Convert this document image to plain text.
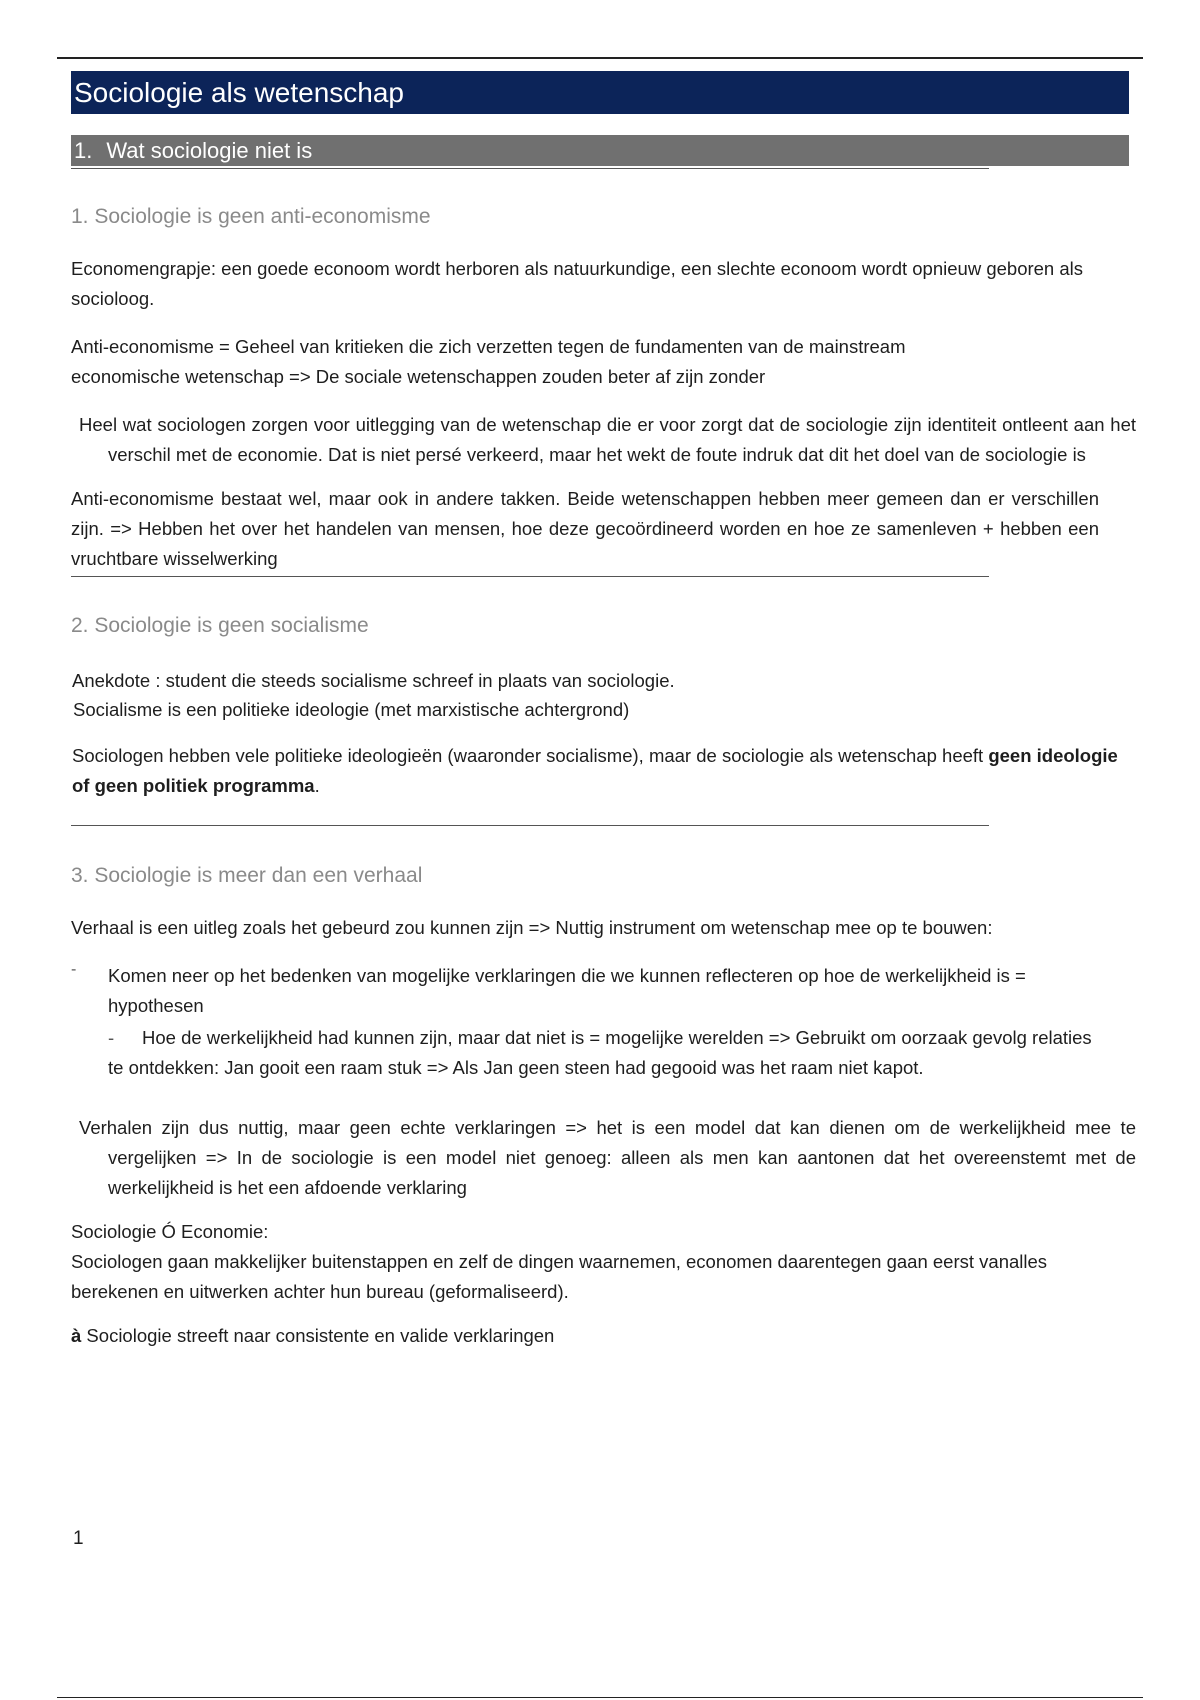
Sociologie als wetenschap
1. Wat sociologie niet is
1. Sociologie is geen anti-economisme

Economengrapje: een goede econoom wordt herboren als natuurkundige, een slechte econoom wordt opnieuw geboren als socioloog.

Anti-economisme = Geheel van kritieken die zich verzetten tegen de fundamenten van de mainstream economische wetenschap => De sociale wetenschappen zouden beter af zijn zonder

Heel wat sociologen zorgen voor uitlegging van de wetenschap die er voor zorgt dat de sociologie zijn identiteit ontleent aan het verschil met de economie. Dat is niet persé verkeerd, maar het wekt de foute indruk dat dit het doel van de sociologie is

Anti-economisme bestaat wel, maar ook in andere takken. Beide wetenschappen hebben meer gemeen dan er verschillen zijn. => Hebben het over het handelen van mensen, hoe deze gecoördineerd worden en hoe ze samenleven + hebben een vruchtbare wisselwerking

2. Sociologie is geen socialisme

Anekdote : student die steeds socialisme schreef in plaats van sociologie.

Socialisme is een politieke ideologie (met marxistische achtergrond)

Sociologen hebben vele politieke ideologieën (waaronder socialisme), maar de sociologie als wetenschap heeft geen ideologie of geen politiek programma.

3. Sociologie is meer dan een verhaal

Verhaal is een uitleg zoals het gebeurd zou kunnen zijn => Nuttig instrument om wetenschap mee op te bouwen:

-	Komen neer op het bedenken van mogelijke verklaringen die we kunnen reflecteren op hoe de werkelijkheid is = hypothesen

- Hoe de werkelijkheid had kunnen zijn, maar dat niet is = mogelijke werelden => Gebruikt om oorzaak gevolg relaties te ontdekken: Jan gooit een raam stuk => Als Jan geen steen had gegooid was het raam niet kapot.

Verhalen zijn dus nuttig, maar geen echte verklaringen => het is een model dat kan dienen om de werkelijkheid mee te vergelijken => In de sociologie is een model niet genoeg: alleen als men kan aantonen dat het overeenstemt met de werkelijkheid is het een afdoende verklaring

Sociologie Ó Economie:

Sociologen gaan makkelijker buitenstappen en zelf de dingen waarnemen, economen daarentegen gaan eerst vanalles berekenen en uitwerken achter hun bureau (geformaliseerd).

à Sociologie streeft naar consistente en valide verklaringen

1
